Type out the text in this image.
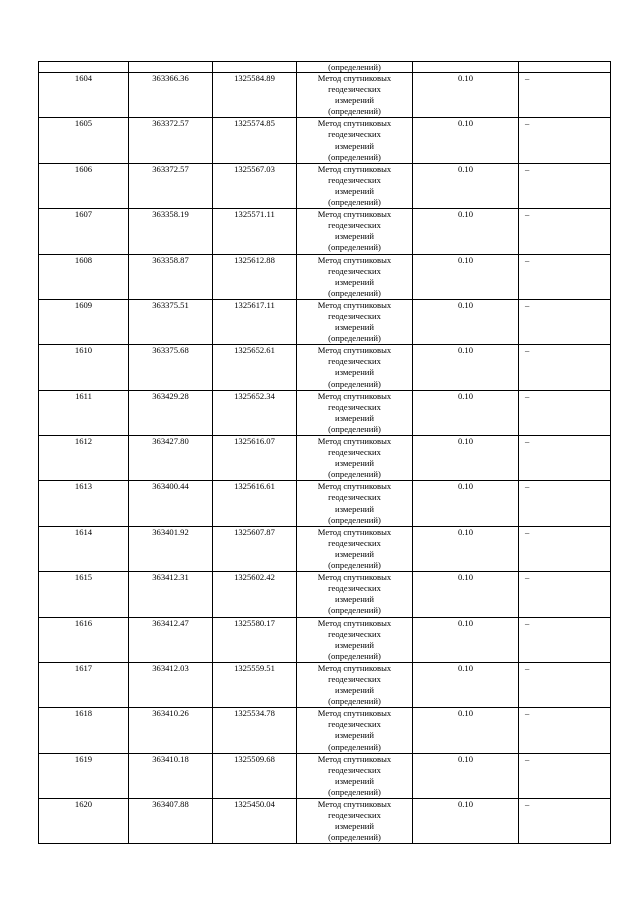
			(определений)		
1604	363366.36	1325584.89	Метод спутниковых
геодезических
измерений
(определений)	0.10	–
1605	363372.57	1325574.85	Метод спутниковых
геодезических
измерений
(определений)	0.10	–
1606	363372.57	1325567.03	Метод спутниковых
геодезических
измерений
(определений)	0.10	–
1607	363358.19	1325571.11	Метод спутниковых
геодезических
измерений
(определений)	0.10	–
1608	363358.87	1325612.88	Метод спутниковых
геодезических
измерений
(определений)	0.10	–
1609	363375.51	1325617.11	Метод спутниковых
геодезических
измерений
(определений)	0.10	–
1610	363375.68	1325652.61	Метод спутниковых
геодезических
измерений
(определений)	0.10	–
1611	363429.28	1325652.34	Метод спутниковых
геодезических
измерений
(определений)	0.10	–
1612	363427.80	1325616.07	Метод спутниковых
геодезических
измерений
(определений)	0.10	–
1613	363400.44	1325616.61	Метод спутниковых
геодезических
измерений
(определений)	0.10	–
1614	363401.92	1325607.87	Метод спутниковых
геодезических
измерений
(определений)	0.10	–
1615	363412.31	1325602.42	Метод спутниковых
геодезических
измерений
(определений)	0.10	–
1616	363412.47	1325580.17	Метод спутниковых
геодезических
измерений
(определений)	0.10	–
1617	363412.03	1325559.51	Метод спутниковых
геодезических
измерений
(определений)	0.10	–
1618	363410.26	1325534.78	Метод спутниковых
геодезических
измерений
(определений)	0.10	–
1619	363410.18	1325509.68	Метод спутниковых
геодезических
измерений
(определений)	0.10	–
1620	363407.88	1325450.04	Метод спутниковых
геодезических
измерений
(определений)	0.10	–
